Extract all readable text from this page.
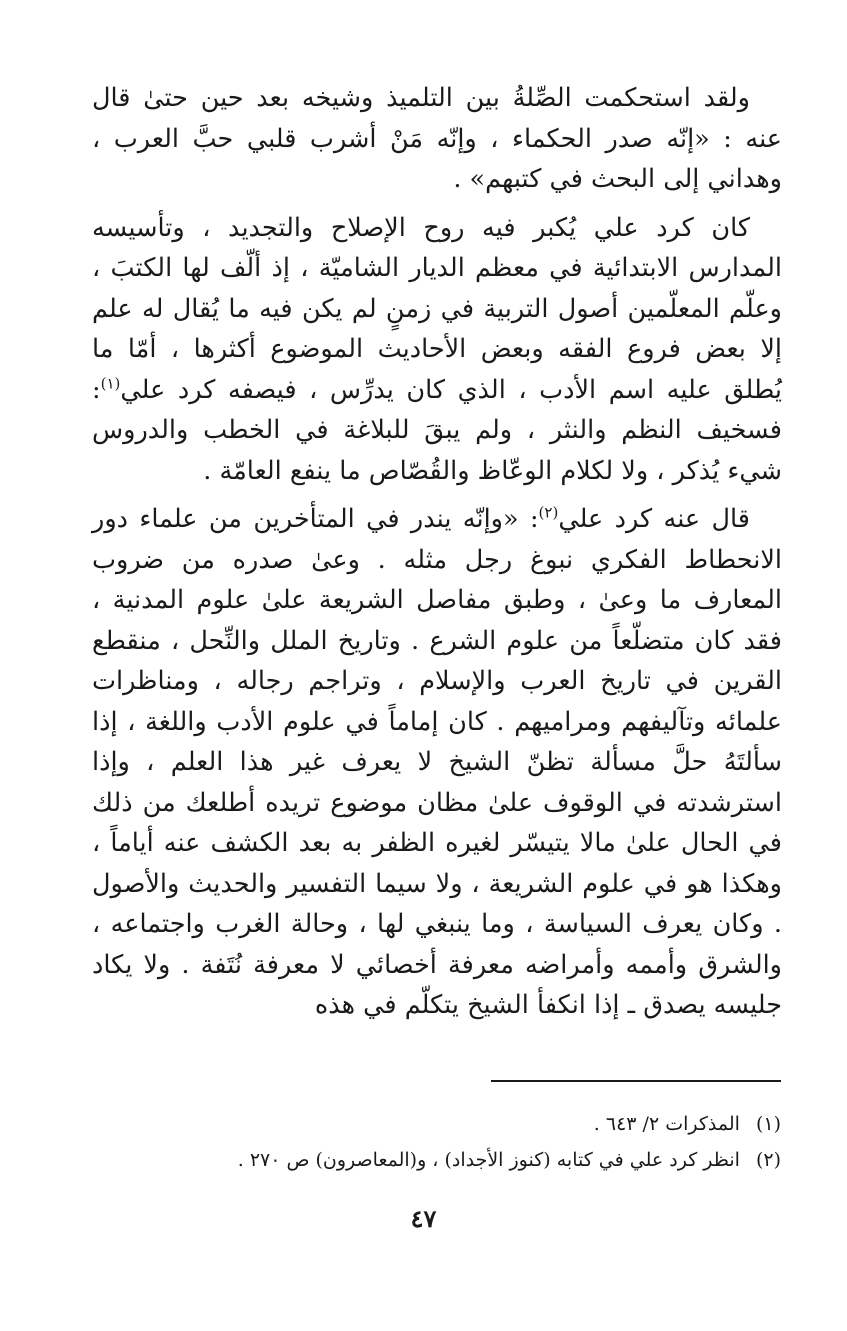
ولقد استحكمت الصِّلةُ بين التلميذ وشيخه بعد حين حتىٰ قال عنه : «إنّه صدر الحكماء ، وإنّه مَنْ أشرب قلبي حبَّ العرب ، وهداني إلى البحث في كتبهم» .

كان كرد علي يُكبر فيه روح الإصلاح والتجديد ، وتأسيسه المدارس الابتدائية في معظم الديار الشاميّة ، إذ ألّف لها الكتبَ ، وعلّم المعلّمين أصول التربية في زمنٍ لم يكن فيه ما يُقال له علم إلا بعض فروع الفقه وبعض الأحاديث الموضوع أكثرها ، أمّا ما يُطلق عليه اسم الأدب ، الذي كان يدرِّس ، فيصفه كرد علي$^{(١)}$: فسخيف النظم والنثر ، ولم يبقَ للبلاغة في الخطب والدروس شيء يُذكر ، ولا لكلام الوعّاظ والقُصّاص ما ينفع العامّة .

قال عنه كرد علي$^{(٢)}$: «وإنّه يندر في المتأخرين من علماء دور الانحطاط الفكري نبوغ رجل مثله . وعىٰ صدره من ضروب المعارف ما وعىٰ ، وطبق مفاصل الشريعة علىٰ علوم المدنية ، فقد كان متضلّعاً من علوم الشرع . وتاريخ الملل والنِّحل ، منقطع القرين في تاريخ العرب والإسلام ، وتراجم رجاله ، ومناظرات علمائه وتآليفهم ومراميهم . كان إماماً في علوم الأدب واللغة ، إذا سألتَهُ حلَّ مسألة تظنّ الشيخ لا يعرف غير هذا العلم ، وإذا استرشدته في الوقوف علىٰ مظان موضوع تريده أطلعك من ذلك في الحال علىٰ مالا يتيسّر لغيره الظفر به بعد الكشف عنه أياماً ، وهكذا هو في علوم الشريعة ، ولا سيما التفسير والحديث والأصول . وكان يعرف السياسة ، وما ينبغي لها ، وحالة الغرب واجتماعه ، والشرق وأممه وأمراضه معرفة أخصائي لا معرفة نُتَفة . ولا يكاد جليسه يصدق ـ إذا انكفأ الشيخ يتكلّم في هذه

(١)
المذكرات ٢/ ٦٤٣ .
(٢)
انظر كرد علي في كتابه (كنوز الأجداد) ، و(المعاصرون) ص ٢٧٠ .
٤٧
